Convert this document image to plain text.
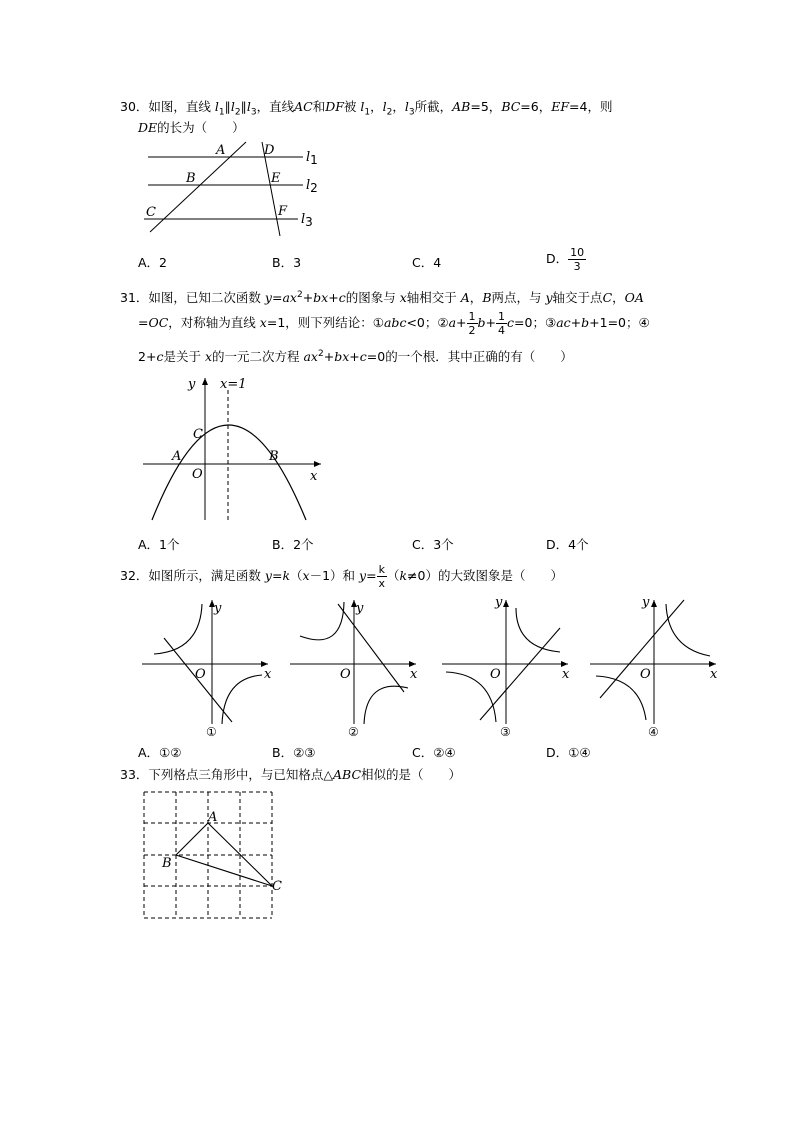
30．如图，直线 $l_1\parallel l_2\parallel l_3$，直线AC和DF被 $l_1$，$l_2$，$l_3$所截，AB=5，BC=6，EF=4，则
DE的长为（　　）
A
B
C
D
E
F
l1
l2
l3
A．2	B．3	C．4	D． $\frac{10}{3}$
31．如图，已知二次函数 $y=ax^2+bx+c$的图象与 x轴相交于 A，B两点，与 y轴交于点C，OA
=OC，对称轴为直线 x=1，则下列结论：①abc<0；②a+ $\frac{1}{2} b+ \frac{1}{4} c=0$；③ac+b+1=0；④
2+c是关于 x的一元二次方程 $ax^2+bx+c=0$的一个根．其中正确的有（　　）
y x=1
C
A
O
B
x
A．1个	B．2个	C．3个	D．4个
32．如图所示，满足函数 y=k（x－1）和 $y= \frac{k}{x} (k\ne 0)$的大致图象是（　　）
y
O	x
①
y
O	x
②
y
O	x
③
y
O	x
④
A．①②	B．②③	C．②④	D．①④
33．下列格点三角形中，与已知格点△ABC相似的是（　　）
A
B
C
